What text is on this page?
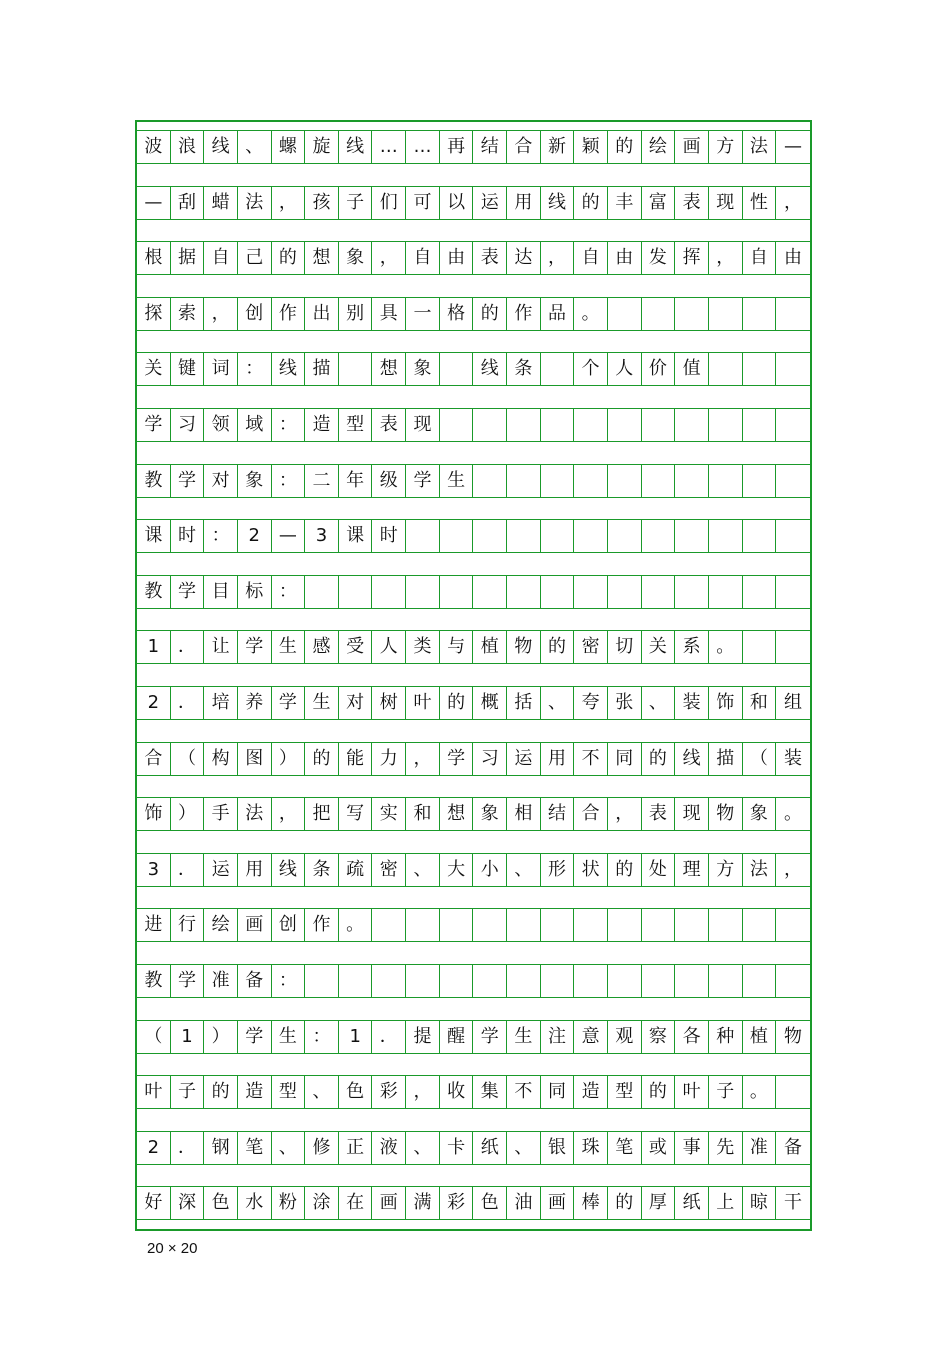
波 浪 线 、 螺 旋 线 … … 再 结 合 新 颖 的 绘 画 方 法 —
— 刮 蜡 法 ， 孩 子 们 可 以 运 用 线 的 丰 富 表 现 性 ，
根 据 自 己 的 想 象 ， 自 由 表 达 ， 自 由 发 挥 ， 自 由
探 索 ， 创 作 出 别 具 一 格 的 作 品 。
关 键 词 ： 线 描	想 象	线 条	个 人 价 值
学 习 领 域 ： 造 型 表 现
教 学 对 象 ： 二 年 级 学 生
课 时 ：	2	—	3	课 时
教 学 目 标 ：
1	． 让 学 生 感 受 人 类 与 植 物 的 密 切 关 系 。
2	． 培 养 学 生 对 树 叶 的 概 括 、 夸 张 、 装 饰 和 组
合 （ 构 图 ） 的 能 力 ， 学 习 运 用 不 同 的 线 描 （ 装
饰 ） 手 法 ， 把 写 实 和 想 象 相 结 合 ， 表 现 物 象 。
3	． 运 用 线 条 疏 密 、 大 小 、 形 状 的 处 理 方 法 ，
进 行 绘 画 创 作 。
教 学 准 备 ：
（	1	） 学 生 ：	1	． 提 醒 学 生 注 意 观 察 各 种 植 物
叶 子 的 造 型 、 色 彩 ， 收 集 不 同 造 型 的 叶 子 。
2	． 钢 笔 、 修 正 液 、 卡 纸 、 银 珠 笔 或 事 先 准 备
好 深 色 水 粉 涂 在 画 满 彩 色 油 画 棒 的 厚 纸 上 晾 干
20 × 20
